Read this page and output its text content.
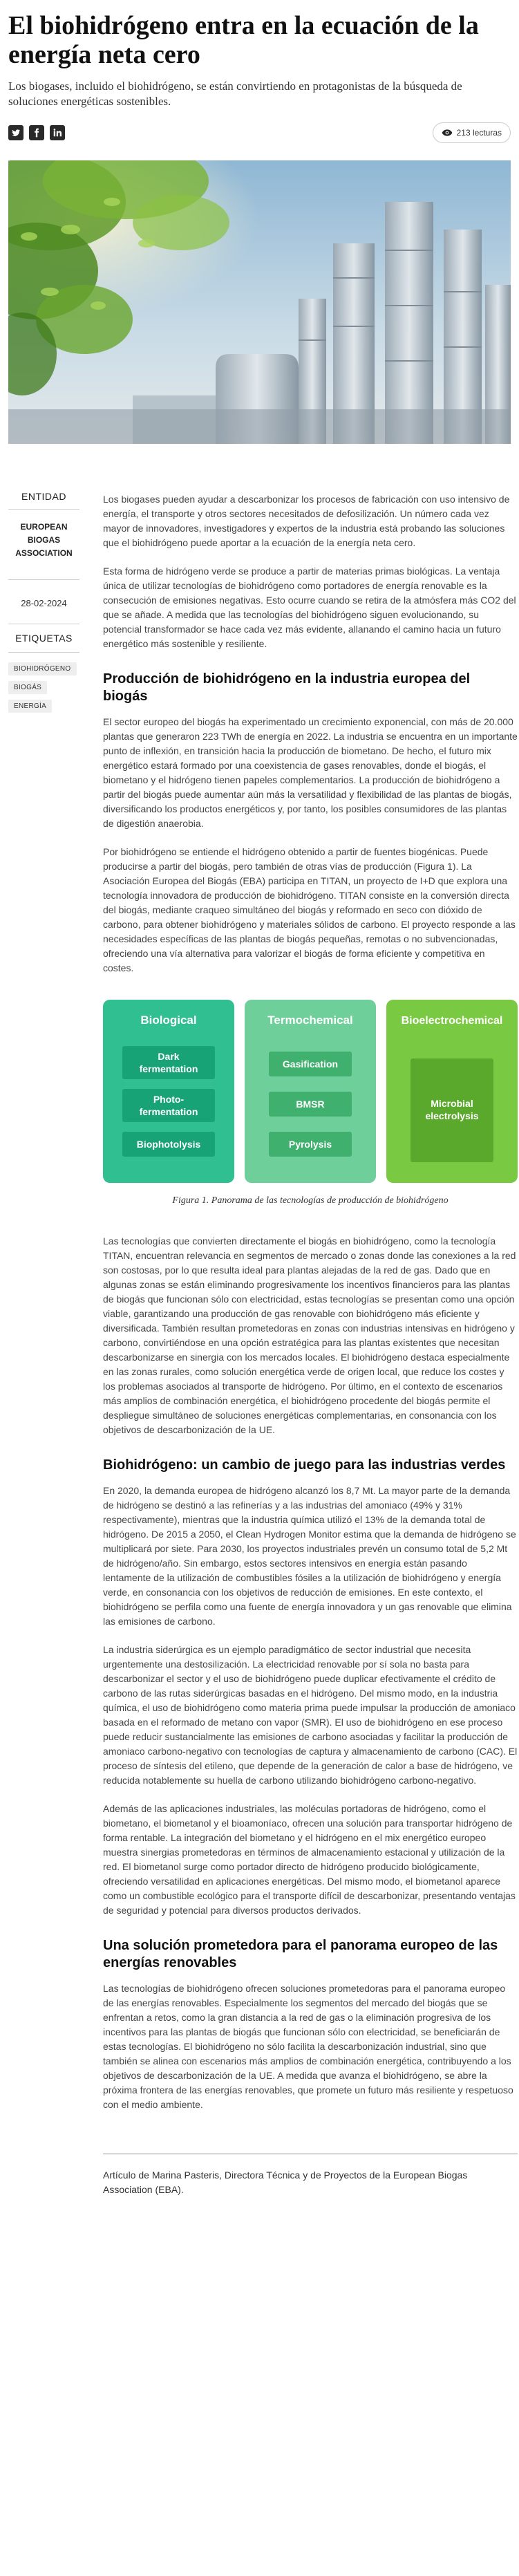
El biohidrógeno entra en la ecuación de la energía neta cero

Los biogases, incluido el biohidrógeno, se están convirtiendo en protagonistas de la búsqueda de soluciones energéticas sostenibles.

213 lecturas
ENTIDAD
EUROPEAN BIOGAS ASSOCIATION
28-02-2024
ETIQUETAS
BIOHIDRÓGENO
BIOGÁS
ENERGÍA

Los biogases pueden ayudar a descarbonizar los procesos de fabricación con uso intensivo de energía, el transporte y otros sectores necesitados de defosilización. Un número cada vez mayor de innovadores, investigadores y expertos de la industria está probando las soluciones que el biohidrógeno puede aportar a la ecuación de la energía neta cero.

Esta forma de hidrógeno verde se produce a partir de materias primas biológicas. La ventaja única de utilizar tecnologías de biohidrógeno como portadores de energía renovable es la consecución de emisiones negativas. Esto ocurre cuando se retira de la atmósfera más CO2 del que se añade. A medida que las tecnologías del biohidrógeno siguen evolucionando, su potencial transformador se hace cada vez más evidente, allanando el camino hacia un futuro energético más sostenible y resiliente.

Producción de biohidrógeno en la industria europea del biogás

El sector europeo del biogás ha experimentado un crecimiento exponencial, con más de 20.000 plantas que generaron 223 TWh de energía en 2022. La industria se encuentra en un importante punto de inflexión, en transición hacia la producción de biometano. De hecho, el futuro mix energético estará formado por una coexistencia de gases renovables, donde el biogás, el biometano y el hidrógeno tienen papeles complementarios. La producción de biohidrógeno a partir del biogás puede aumentar aún más la versatilidad y flexibilidad de las plantas de biogás, diversificando los productos energéticos y, por tanto, los posibles consumidores de las plantas de digestión anaerobia.

Por biohidrógeno se entiende el hidrógeno obtenido a partir de fuentes biogénicas. Puede producirse a partir del biogás, pero también de otras vías de producción (Figura 1). La Asociación Europea del Biogás (EBA) participa en TITAN, un proyecto de I+D que explora una tecnología innovadora de producción de biohidrógeno. TITAN consiste en la conversión directa del biogás, mediante craqueo simultáneo del biogás y reformado en seco con dióxido de carbono, para obtener biohidrógeno y materiales sólidos de carbono. El proyecto responde a las necesidades específicas de las plantas de biogás pequeñas, remotas o no subvencionadas, ofreciendo una vía alternativa para valorizar el biogás de forma eficiente y competitiva en costes.

Biological
Dark
fermentation
Photo-
fermentation
Biophotolysis
Termochemical
Gasification
BMSR
Pyrolysis
Bioelectrochemical
Microbial
electrolysis
Figura 1. Panorama de las tecnologías de producción de biohidrógeno

Las tecnologías que convierten directamente el biogás en biohidrógeno, como la tecnología TITAN, encuentran relevancia en segmentos de mercado o zonas donde las conexiones a la red son costosas, por lo que resulta ideal para plantas alejadas de la red de gas. Dado que en algunas zonas se están eliminando progresivamente los incentivos financieros para las plantas de biogás que funcionan sólo con electricidad, estas tecnologías se presentan como una opción viable, garantizando una producción de gas renovable con biohidrógeno más eficiente y diversificada. También resultan prometedoras en zonas con industrias intensivas en hidrógeno y carbono, convirtiéndose en una opción estratégica para las plantas existentes que necesitan descarbonizarse en sinergia con los mercados locales. El biohidrógeno destaca especialmente en las zonas rurales, como solución energética verde de origen local, que reduce los costes y los problemas asociados al transporte de hidrógeno. Por último, en el contexto de escenarios más amplios de combinación energética, el biohidrógeno procedente del biogás permite el despliegue simultáneo de soluciones energéticas complementarias, en consonancia con los objetivos de descarbonización de la UE.

Biohidrógeno: un cambio de juego para las industrias verdes

En 2020, la demanda europea de hidrógeno alcanzó los 8,7 Mt. La mayor parte de la demanda de hidrógeno se destinó a las refinerías y a las industrias del amoniaco (49% y 31% respectivamente), mientras que la industria química utilizó el 13% de la demanda total de hidrógeno. De 2015 a 2050, el Clean Hydrogen Monitor estima que la demanda de hidrógeno se multiplicará por siete. Para 2030, los proyectos industriales prevén un consumo total de 5,2 Mt de hidrógeno/año. Sin embargo, estos sectores intensivos en energía están pasando lentamente de la utilización de combustibles fósiles a la utilización de biohidrógeno y energía verde, en consonancia con los objetivos de reducción de emisiones. En este contexto, el biohidrógeno se perfila como una fuente de energía innovadora y un gas renovable que elimina las emisiones de carbono.

La industria siderúrgica es un ejemplo paradigmático de sector industrial que necesita urgentemente una destosilización. La electricidad renovable por sí sola no basta para descarbonizar el sector y el uso de biohidrógeno puede duplicar efectivamente el crédito de carbono de las rutas siderúrgicas basadas en el hidrógeno. Del mismo modo, en la industria química, el uso de biohidrógeno como materia prima puede impulsar la producción de amoniaco basada en el reformado de metano con vapor (SMR). El uso de biohidrógeno en ese proceso puede reducir sustancialmente las emisiones de carbono asociadas y facilitar la producción de amoniaco carbono-negativo con tecnologías de captura y almacenamiento de carbono (CAC). El proceso de síntesis del etileno, que depende de la generación de calor a base de hidrógeno, ve reducida notablemente su huella de carbono utilizando biohidrógeno carbono-negativo.

Además de las aplicaciones industriales, las moléculas portadoras de hidrógeno, como el biometano, el biometanol y el bioamoníaco, ofrecen una solución para transportar hidrógeno de forma rentable. La integración del biometano y el hidrógeno en el mix energético europeo muestra sinergias prometedoras en términos de almacenamiento estacional y utilización de la red. El biometanol surge como portador directo de hidrógeno producido biológicamente, ofreciendo versatilidad en aplicaciones energéticas. Del mismo modo, el biometanol aparece como un combustible ecológico para el transporte difícil de descarbonizar, presentando ventajas de seguridad y potencial para diversos productos derivados.

Una solución prometedora para el panorama europeo de las energías renovables

Las tecnologías de biohidrógeno ofrecen soluciones prometedoras para el panorama europeo de las energías renovables. Especialmente los segmentos del mercado del biogás que se enfrentan a retos, como la gran distancia a la red de gas o la eliminación progresiva de los incentivos para las plantas de biogás que funcionan sólo con electricidad, se beneficiarán de estas tecnologías. El biohidrógeno no sólo facilita la descarbonización industrial, sino que también se alinea con escenarios más amplios de combinación energética, contribuyendo a los objetivos de descarbonización de la UE. A medida que avanza el biohidrógeno, se abre la próxima frontera de las energías renovables, que promete un futuro más resiliente y respetuoso con el medio ambiente.

Artículo de Marina Pasteris, Directora Técnica y de Proyectos de la European Biogas Association (EBA).
